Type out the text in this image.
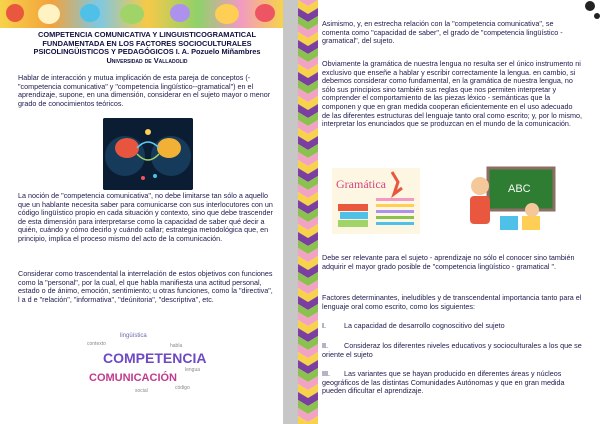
COMPETENCIA COMUNICATIVA Y LINGUISTICOGRAMATICAL
FUNDAMENTADA EN LOS FACTORES SOCIOCULTURALES
PSICOLINGÜISTICOS Y PEDAGÓGICOS I. A. Pozuelo Miñambres
Universidad de Valladolid

Hablar de interacción y mutua implicación de esta pareja de conceptos (-"competencia comunicativa" y "competencia lingüístico--gramatical") en el aprendizaje, supone, en una dimensión, considerar en el sujeto mayor o menor grado de conocimientos teóricos.

La noción de "competencia comunicativa", no debe limitarse tan sólo a aquello que un hablante necesita saber para comunicarse con sus interlocutores con un código lingüístico propio en cada situación y contexto, sino que debe trascender de esta dimensión para interpretarse como la capacidad de saber qué decir a quién, cuándo y cómo decirlo y cuándo callar; estrategia metodológica que, en principio, implica el proceso mismo del acto de la comunicación.

Considerar como trascendental la interrelación de estos objetivos con funciones como la "personal", por la cual, el que habla manifiesta una actitud personal, estado o de ánimo, emoción, sentimiento; u otras funciones, como la "directiva", l a d e "relación", "informativa", "deúnitoria", "descriptiva", etc.

lingüística
contexto	habla
COMPETENCIA
lengua
COMUNICACIÓN
código
social

Asimismo, y, en estrecha relación con la "competencia comunicativa", se comenta como "capacidad de saber", el grado de "competencia lingüístico - gramatical", del sujeto.

Obviamente la gramática de nuestra lengua no resulta ser el único instrumento ni exclusivo que enseñe a hablar y escribir correctamente la lengua. en cambio, si debemos considerar como fundamental, en la gramática de nuestra lengua, no sólo sus principios sino también sus reglas que nos permiten interpretar y comprender el comportamiento de las piezas léxico - semánticas que la componen y que en gran medida cooperan eficientemente en el uso adecuado de las diferentes estructuras del lenguaje tanto oral como escrito; y, por lo mismo, interpretar los enunciados que se produzcan en el mundo de la comunicación.

Gramática	ABC

Debe ser relevante para el sujeto - aprendizaje no sólo el conocer sino también adquirir el mayor grado posible de "competencia lingüístico - gramatical ".

Factores determinantes, ineludibles y de transcendental importancia tanto para el lenguaje oral como escrito, como los siguientes:

I.	La capacidad de desarrollo cognoscitivo del sujeto
II. Consideraz los diferentes niveles educativos y socioculturales a los que se oriente el sujeto
III. Las variantes que se hayan producido en diferentes áreas y núcleos geográficos de las distintas Comunidades Autónomas y que en gran medida pueden dificultar el aprendizaje.
